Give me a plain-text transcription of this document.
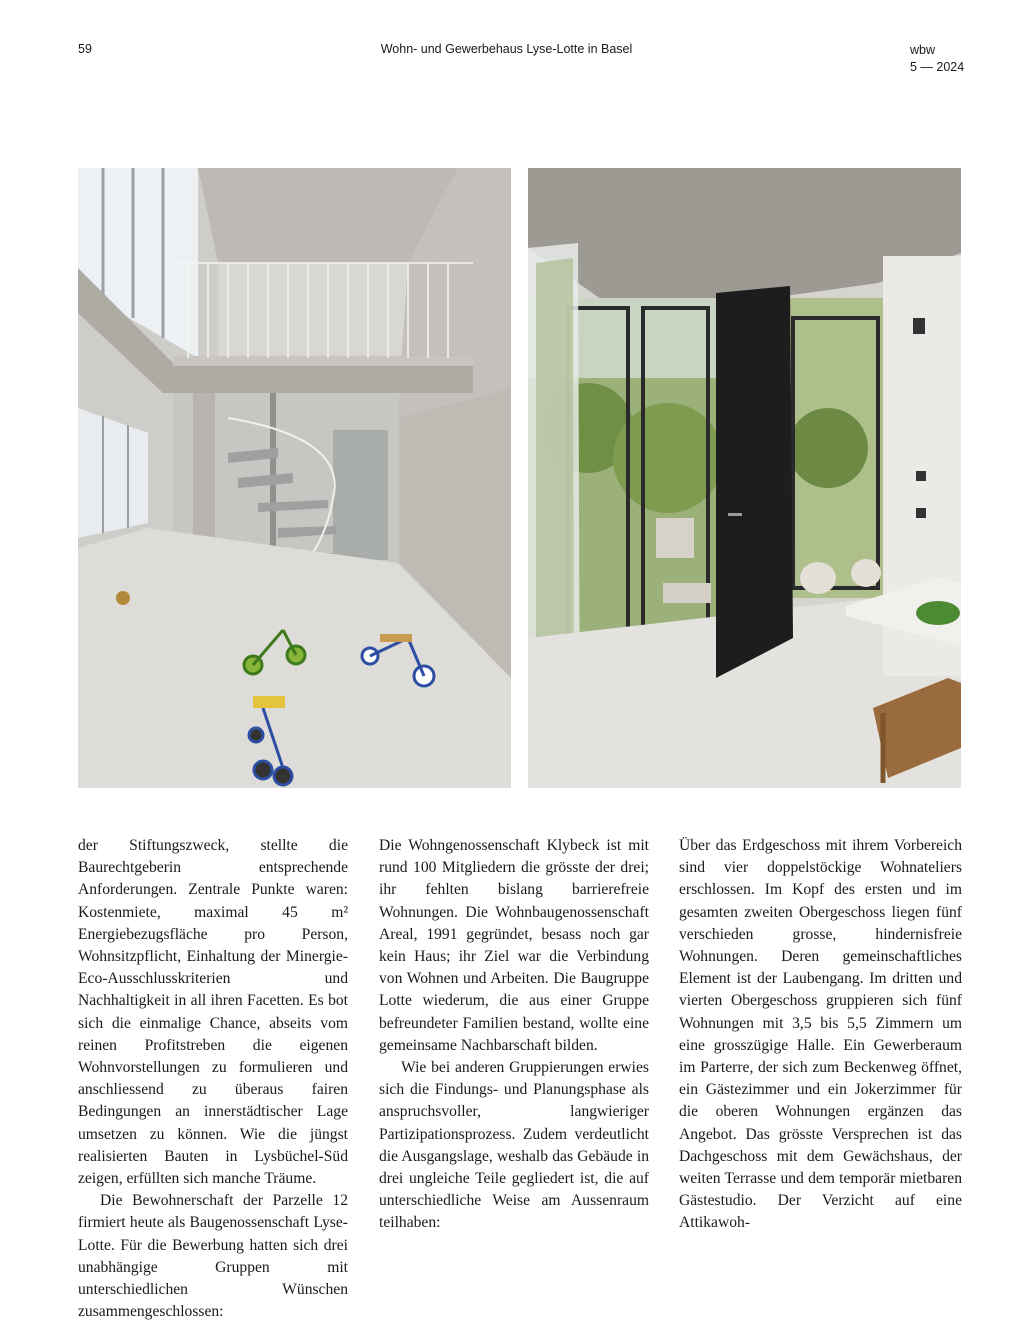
59	Wohn- und Gewerbehaus Lyse-Lotte in Basel	wbw
5 — 2024

der Stiftungszweck, stellte die Baurechtgeberin entsprechende Anforderungen. Zentrale Punkte waren: Kostenmiete, maximal 45 m² Energiebezugsfläche pro Person, Wohnsitzpflicht, Einhaltung der Minergie-Eco-Ausschlusskriterien und Nachhaltigkeit in all ihren Facetten. Es bot sich die einmalige Chance, abseits vom reinen Profitstreben die eigenen Wohnvorstellungen zu formulieren und anschliessend zu überaus fairen Bedingungen an innerstädtischer Lage umsetzen zu können. Wie die jüngst realisierten Bauten in Lysbüchel-Süd zeigen, erfüllten sich manche Träume.

Die Bewohnerschaft der Parzelle 12 firmiert heute als Baugenossenschaft Lyse-Lotte. Für die Bewerbung hatten sich drei unabhängige Gruppen mit unterschiedlichen Wünschen zusammengeschlossen:

Die Wohngenossenschaft Klybeck ist mit rund 100 Mitgliedern die grösste der drei; ihr fehlten bislang barrierefreie Wohnungen. Die Wohnbaugenossenschaft Areal, 1991 gegründet, besass noch gar kein Haus; ihr Ziel war die Verbindung von Wohnen und Arbeiten. Die Baugruppe Lotte wiederum, die aus einer Gruppe befreundeter Familien bestand, wollte eine gemeinsame Nachbarschaft bilden.

Wie bei anderen Gruppierungen erwies sich die Findungs- und Planungsphase als anspruchsvoller, langwieriger Partizipationsprozess. Zudem verdeutlicht die Ausgangslage, weshalb das Gebäude in drei ungleiche Teile gegliedert ist, die auf unterschiedliche Weise am Aussenraum teilhaben:

Über das Erdgeschoss mit ihrem Vorbereich sind vier doppelstöckige Wohnateliers erschlossen. Im Kopf des ersten und im gesamten zweiten Obergeschoss liegen fünf verschieden grosse, hindernisfreie Wohnungen. Deren gemeinschaftliches Element ist der Laubengang. Im dritten und vierten Obergeschoss gruppieren sich fünf Wohnungen mit 3,5 bis 5,5 Zimmern um eine grosszügige Halle. Ein Gewerberaum im Parterre, der sich zum Beckenweg öffnet, ein Gästezimmer und ein Jokerzimmer für die oberen Wohnungen ergänzen das Angebot. Das grösste Versprechen ist das Dachgeschoss mit dem Gewächshaus, der weiten Terrasse und dem temporär mietbaren Gästestudio. Der Verzicht auf eine Attikawoh-
